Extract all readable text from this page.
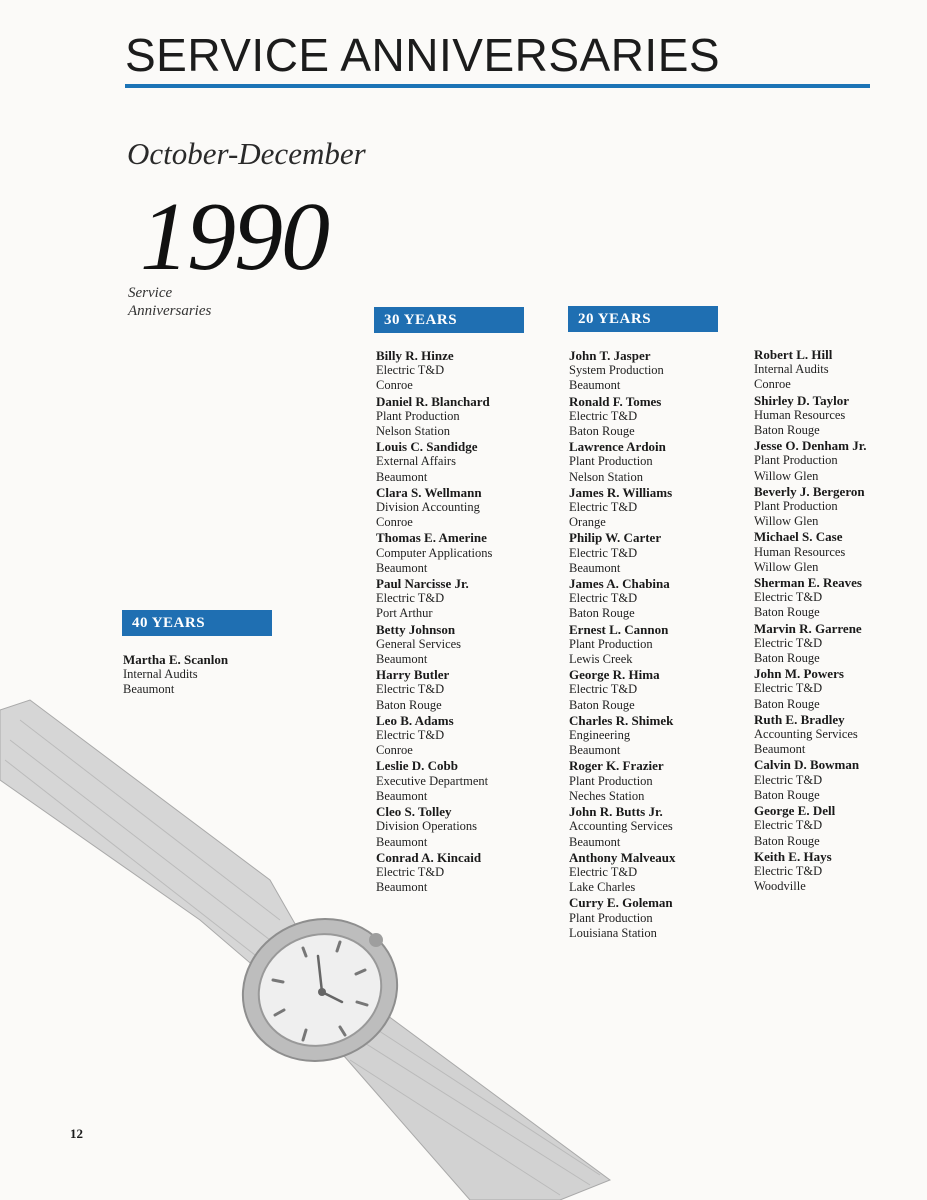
SERVICE ANNIVERSARIES
October-December
1990
Service
Anniversaries
40 YEARS
Martha E. Scanlon
Internal Audits
Beaumont
30 YEARS
Billy R. Hinze
Electric T&D
Conroe
Daniel R. Blanchard
Plant Production
Nelson Station
Louis C. Sandidge
External Affairs
Beaumont
Clara S. Wellmann
Division Accounting
Conroe
Thomas E. Amerine
Computer Applications
Beaumont
Paul Narcisse Jr.
Electric T&D
Port Arthur
Betty Johnson
General Services
Beaumont
Harry Butler
Electric T&D
Baton Rouge
Leo B. Adams
Electric T&D
Conroe
Leslie D. Cobb
Executive Department
Beaumont
Cleo S. Tolley
Division Operations
Beaumont
Conrad A. Kincaid
Electric T&D
Beaumont
20 YEARS
John T. Jasper
System Production
Beaumont
Ronald F. Tomes
Electric T&D
Baton Rouge
Lawrence Ardoin
Plant Production
Nelson Station
James R. Williams
Electric T&D
Orange
Philip W. Carter
Electric T&D
Beaumont
James A. Chabina
Electric T&D
Baton Rouge
Ernest L. Cannon
Plant Production
Lewis Creek
George R. Hima
Electric T&D
Baton Rouge
Charles R. Shimek
Engineering
Beaumont
Roger K. Frazier
Plant Production
Neches Station
John R. Butts Jr.
Accounting Services
Beaumont
Anthony Malveaux
Electric T&D
Lake Charles
Curry E. Goleman
Plant Production
Louisiana Station
Robert L. Hill
Internal Audits
Conroe
Shirley D. Taylor
Human Resources
Baton Rouge
Jesse O. Denham Jr.
Plant Production
Willow Glen
Beverly J. Bergeron
Plant Production
Willow Glen
Michael S. Case
Human Resources
Willow Glen
Sherman E. Reaves
Electric T&D
Baton Rouge
Marvin R. Garrene
Electric T&D
Baton Rouge
John M. Powers
Electric T&D
Baton Rouge
Ruth E. Bradley
Accounting Services
Beaumont
Calvin D. Bowman
Electric T&D
Baton Rouge
George E. Dell
Electric T&D
Baton Rouge
Keith E. Hays
Electric T&D
Woodville
12
